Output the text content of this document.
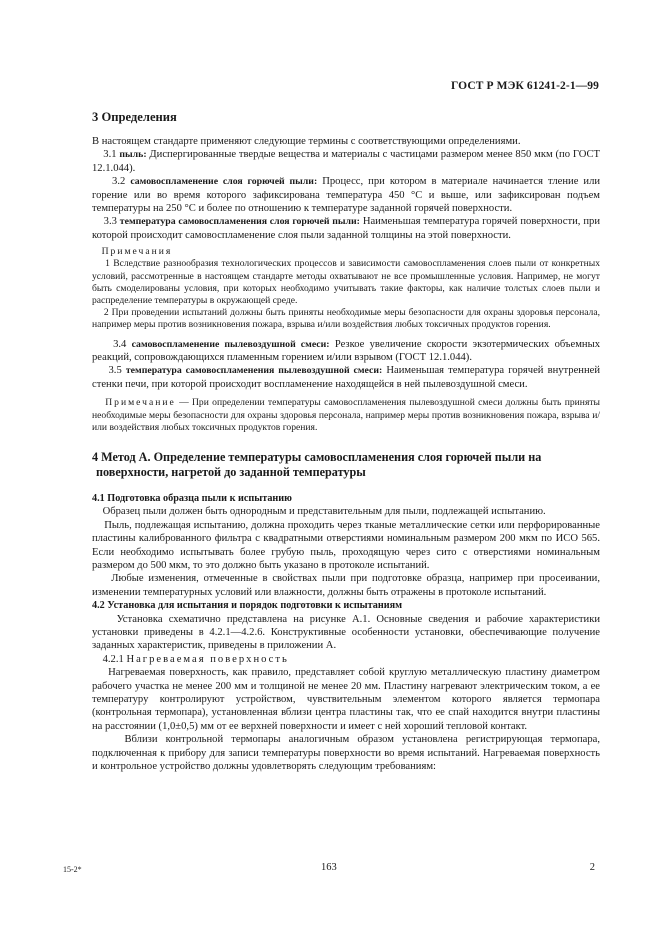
ГОСТ Р МЭК 61241-2-1—99
3 Определения

В настоящем стандарте применяют следующие термины с соответствующими определениями.

3.1 пыль: Диспергированные твердые вещества и материалы с частицами размером менее 850 мкм (по ГОСТ 12.1.044).

3.2 самовоспламенение слоя горючей пыли: Процесс, при котором в материале начинается тление или горение или во время которого зафиксирована температура 450 °С и выше, или зафиксирован подъем температуры на 250 °С и более по отношению к температуре заданной горячей поверхности.

3.3 температура самовоспламенения слоя горючей пыли: Наименьшая температура горячей поверхности, при которой происходит самовоспламенение слоя пыли заданной толщины на этой поверхности.

Примечания

1 Вследствие разнообразия технологических процессов и зависимости самовоспламенения слоев пыли от конкретных условий, рассмотренные в настоящем стандарте методы охватывают не все промышленные условия. Например, не могут быть смоделированы условия, при которых необходимо учитывать такие факторы, как наличие толстых слоев пыли и распределение температуры в окружающей среде.

2 При проведении испытаний должны быть приняты необходимые меры безопасности для охраны здоровья персонала, например меры против возникновения пожара, взрыва и/или воздействия любых токсичных продуктов горения.

3.4 самовоспламенение пылевоздушной смеси: Резкое увеличение скорости экзотермических объемных реакций, сопровождающихся пламенным горением и/или взрывом (ГОСТ 12.1.044).

3.5 температура самовоспламенения пылевоздушной смеси: Наименьшая температура горячей внутренней стенки печи, при которой происходит воспламенение находящейся в ней пылевоздушной смеси.

Примечание — При определении температуры самовоспламенения пылевоздушной смеси должны быть приняты необходимые меры безопасности для охраны здоровья персонала, например меры против возникновения пожара, взрыва и/или воздействия любых токсичных продуктов горения.

4 Метод А. Определение температуры самовоспламенения слоя горючей пыли на
поверхности, нагретой до заданной температуры

4.1 Подготовка образца пыли к испытанию

Образец пыли должен быть однородным и представительным для пыли, подлежащей испытанию.

Пыль, подлежащая испытанию, должна проходить через тканые металлические сетки или перфорированные пластины калиброванного фильтра с квадратными отверстиями номинальным размером 200 мкм по ИСО 565. Если необходимо испытывать более грубую пыль, проходящую через сито с отверстиями номинальным размером до 500 мкм, то это должно быть указано в протоколе испытаний.

Любые изменения, отмеченные в свойствах пыли при подготовке образца, например при просеивании, изменении температурных условий или влажности, должны быть отражены в протоколе испытаний.

4.2 Установка для испытания и порядок подготовки к испытаниям

Установка схематично представлена на рисунке А.1. Основные сведения и рабочие характеристики установки приведены в 4.2.1—4.2.6. Конструктивные особенности установки, обеспечивающие получение заданных характеристик, приведены в приложении А.

4.2.1 Нагреваемая поверхность

Нагреваемая поверхность, как правило, представляет собой круглую металлическую пластину диаметром рабочего участка не менее 200 мм и толщиной не менее 20 мм. Пластину нагревают электрическим током, а ее температуру контролируют устройством, чувствительным элементом которого является термопара (контрольная термопара), установленная вблизи центра пластины так, что ее спай находится внутри пластины на расстоянии (1,0±0,5) мм от ее верхней поверхности и имеет с ней хороший тепловой контакт.

Вблизи контрольной термопары аналогичным образом установлена регистрирующая термопара, подключенная к прибору для записи температуры поверхности во время испытаний. Нагреваемая поверхность и контрольное устройство должны удовлетворять следующим требованиям:

15-2*	163	2
